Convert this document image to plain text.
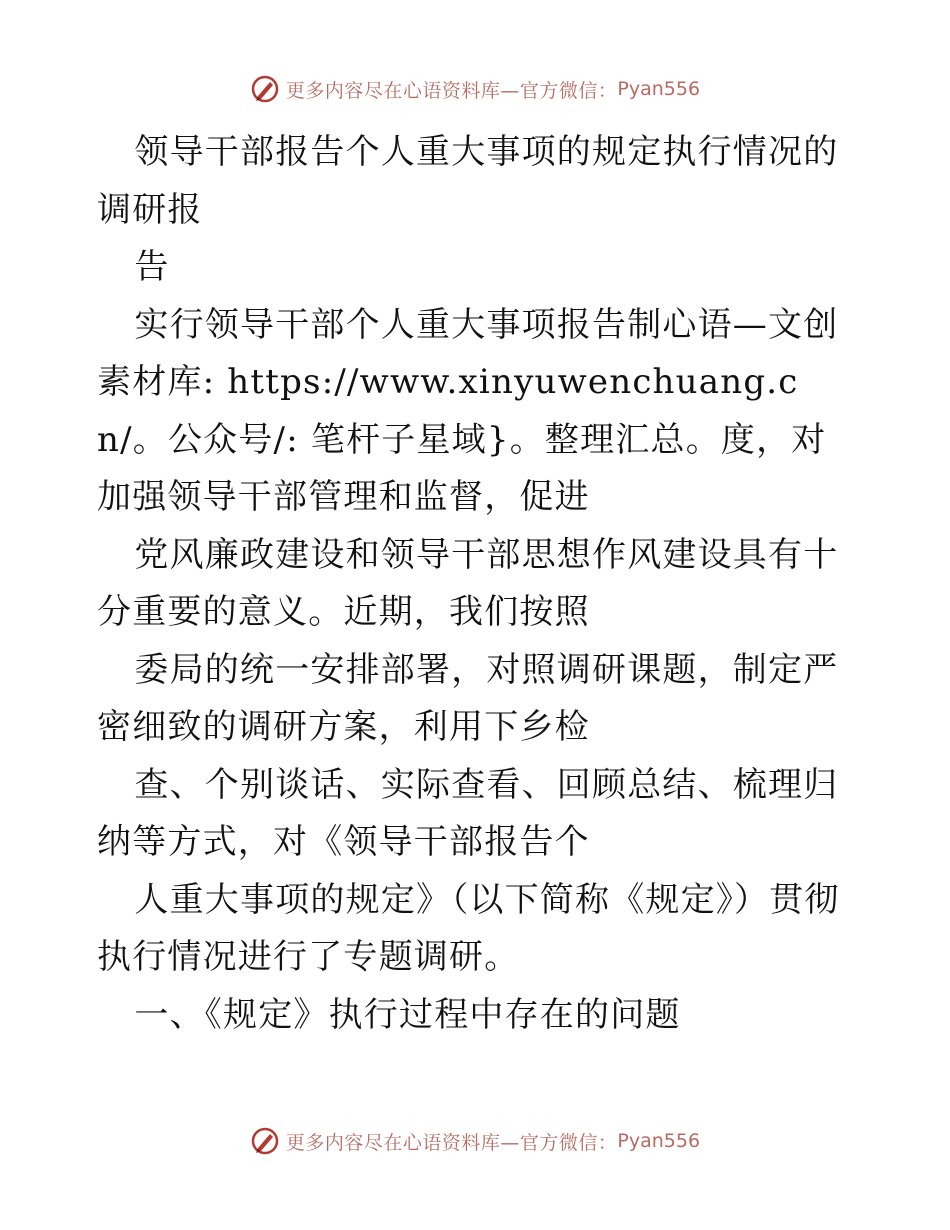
更多内容尽在心语资料库—官方微信： Pyan556

领导干部报告个人重大事项的规定执行情况的调研报

告

实行领导干部个人重大事项报告制心语—文创素材库: https://www.xinyuwenchuang.cn/。公众号/: 笔杆子星域}。整理汇总。度，对加强领导干部管理和监督，促进

党风廉政建设和领导干部思想作风建设具有十分重要的意义。近期，我们按照

委局的统一安排部署，对照调研课题，制定严密细致的调研方案，利用下乡检

查、个别谈话、实际查看、回顾总结、梳理归纳等方式，对《领导干部报告个

人重大事项的规定》（以下简称《规定》）贯彻执行情况进行了专题调研。

一、《规定》执行过程中存在的问题

更多内容尽在心语资料库—官方微信： Pyan556
